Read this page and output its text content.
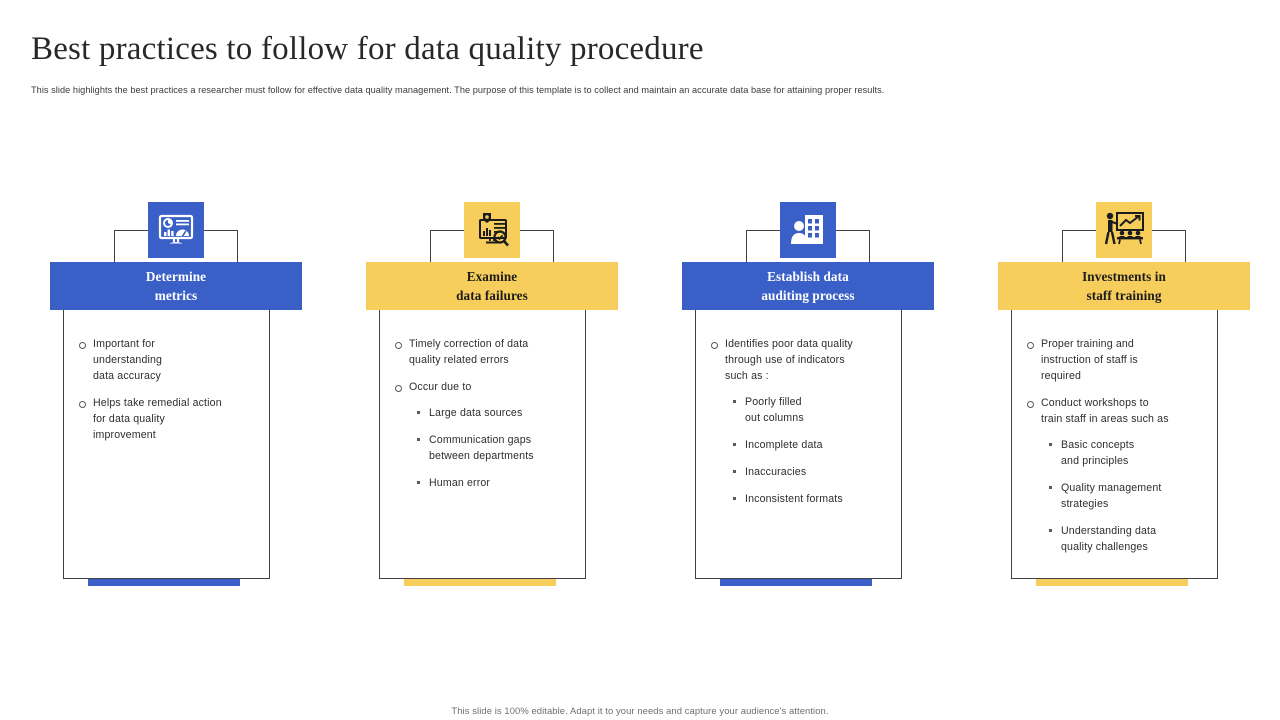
Best practices to follow for data quality procedure
This slide highlights the best practices a researcher must follow for effective data quality management. The purpose of this template is to collect and maintain an accurate data base for attaining proper results.
Determine
metrics
Important for
understanding
data accuracy
Helps take remedial action
for data quality
improvement
Examine
data failures
Timely correction of data
quality related errors
Occur due to
Large data sources
Communication gaps
between departments
Human error
Establish data
auditing process
Identifies poor data quality
through use of indicators
such as :
Poorly filled
out columns
Incomplete data
Inaccuracies
Inconsistent formats
Investments in
staff training
Proper training and
instruction of staff is
required
Conduct workshops to
train staff in areas such as
Basic concepts
and principles
Quality management
strategies
Understanding data
quality challenges
This slide is 100% editable. Adapt it to your needs and capture your audience's attention.
